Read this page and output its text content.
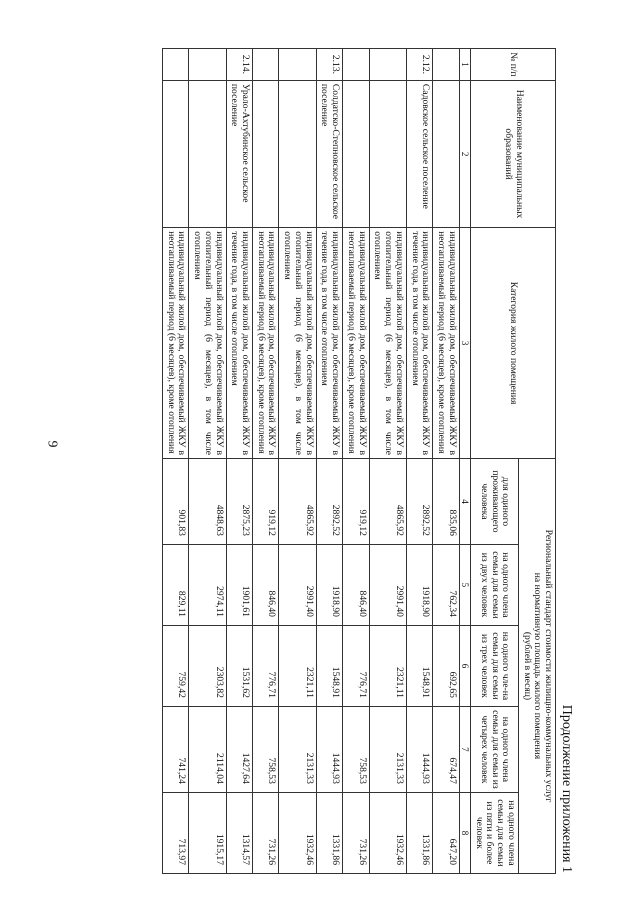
9
Продолжение приложения 1
№ п/п	Наименование муниципальных образований	Категория жилого помещения	Региональный стандарт стоимости жилищно-коммунальных услуг
на нормативную площадь жилого помещения
(рублей в месяц)				

			для одиного проживающего человека	на одного члена семьи для семьи из двух человек	на одного чле-на семьи для семьи из трех человек	на одного члена семьи для семьи из четырех человек	на одного члена семьи для семьи из пяти и более человек
1	2	3	4	5	6	7	8
		индивидуальный жилой дом, обеспечиваемый ЖКУ в неотапливаемый период (6 месяцев), кроме отопления	835,06	762,34	692,65	674,47	647,20
2.12.	Садовское сельское поселение	индивидуальный жилой дом, обеспечиваемый ЖКУ в течение года, в том числе отоплением	2892,52	1918,90	1548,91	1444,93	1331,86
		индивидуальный жилой дом, обеспечиваемый ЖКУ в отопительный период (6 месяцев), в том числе отоплением	4865,92	2991,40	2321,11	2131,33	1932,46
		индивидуальный жилой дом, обеспечиваемый ЖКУ в неотапливаемый период (6 месяцев), кроме отопления	919,12	846,40	776,71	758,53	731,26
2.13.	Солдатско-Степновское сельское поселение	индивидуальный жилой дом, обеспечиваемый ЖКУ в течение года, в том числе отоплением	2892,52	1918,90	1548,91	1444,93	1331,86
		индивидуальный жилой дом, обеспечиваемый ЖКУ в отопительный период (6 месяцев), в том числе отоплением	4865,92	2991,40	2321,11	2131,33	1932,46
		индивидуальный жилой дом, обеспечиваемый ЖКУ в неотапливаемый период (6 месяцев), кроме отопления	919,12	846,40	776,71	758,53	731,26
2.14.	Урало-Ахтубинское сельское поселение	индивидуальный жилой дом, обеспечиваемый ЖКУ в течение года, в том числе отоплением	2875,23	1901,61	1531,62	1427,64	1314,57
		индивидуальный жилой дом, обеспечиваемый ЖКУ в отопительный период (6 месяцев), в том числе отоплением	4848,63	2974,11	2303,82	2114,04	1915,17
		индивидуальный жилой дом, обеспечиваемый ЖКУ в неотапливаемый период (6 месяцев), кроме отопления	901,83	829,11	759,42	741,24	713,97
